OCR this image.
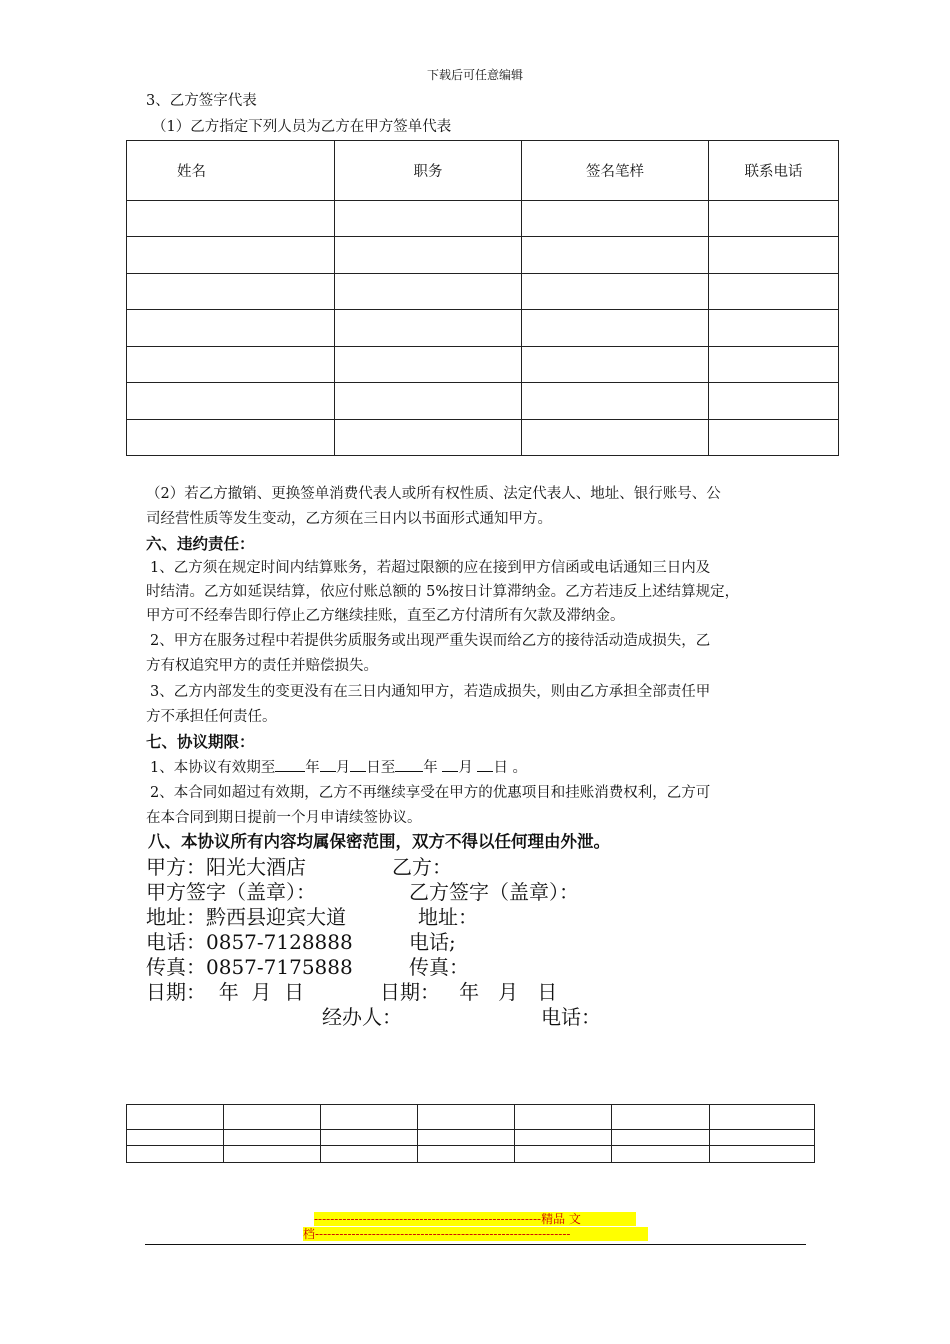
下载后可任意编辑
3、乙方签字代表
（1）乙方指定下列人员为乙方在甲方签单代表
姓名	职务	签名笔样	联系电话

（2）若乙方撤销、更换签单消费代表人或所有权性质、法定代表人、地址、银行账号、公
司经营性质等发生变动，乙方须在三日内以书面形式通知甲方。
六、违约责任：
1、乙方须在规定时间内结算账务，若超过限额的应在接到甲方信函或电话通知三日内及
时结清。乙方如延误结算，依应付账总额的 5%按日计算滞纳金。乙方若违反上述结算规定，
甲方可不经奉告即行停止乙方继续挂账，直至乙方付清所有欠款及滞纳金。
2、甲方在服务过程中若提供劣质服务或出现严重失误而给乙方的接待活动造成损失，乙
方有权追究甲方的责任并赔偿损失。
3、乙方内部发生的变更没有在三日内通知甲方，若造成损失，则由乙方承担全部责任甲
方不承担任何责任。
七、协议期限：
1、本协议有效期至 年 月 日至 年 月 日 。
2、本合同如超过有效期，乙方不再继续享受在甲方的优惠项目和挂账消费权利，乙方可
在本合同到期日提前一个月申请续签协议。
八、本协议所有内容均属保密范围，双方不得以任何理由外泄。
甲方：阳光大酒店	乙方：
甲方签字（盖章）：	乙方签字（盖章）：
地址：黔西县迎宾大道	地址：
电话：0857-7128888	电话;
传真：0857-7175888	传真：
日期：  年  月  日	日期：   年   月   日
经办人：	电话：

--------------------------------------------------------精品 文
档---------------------------------------------------------------
